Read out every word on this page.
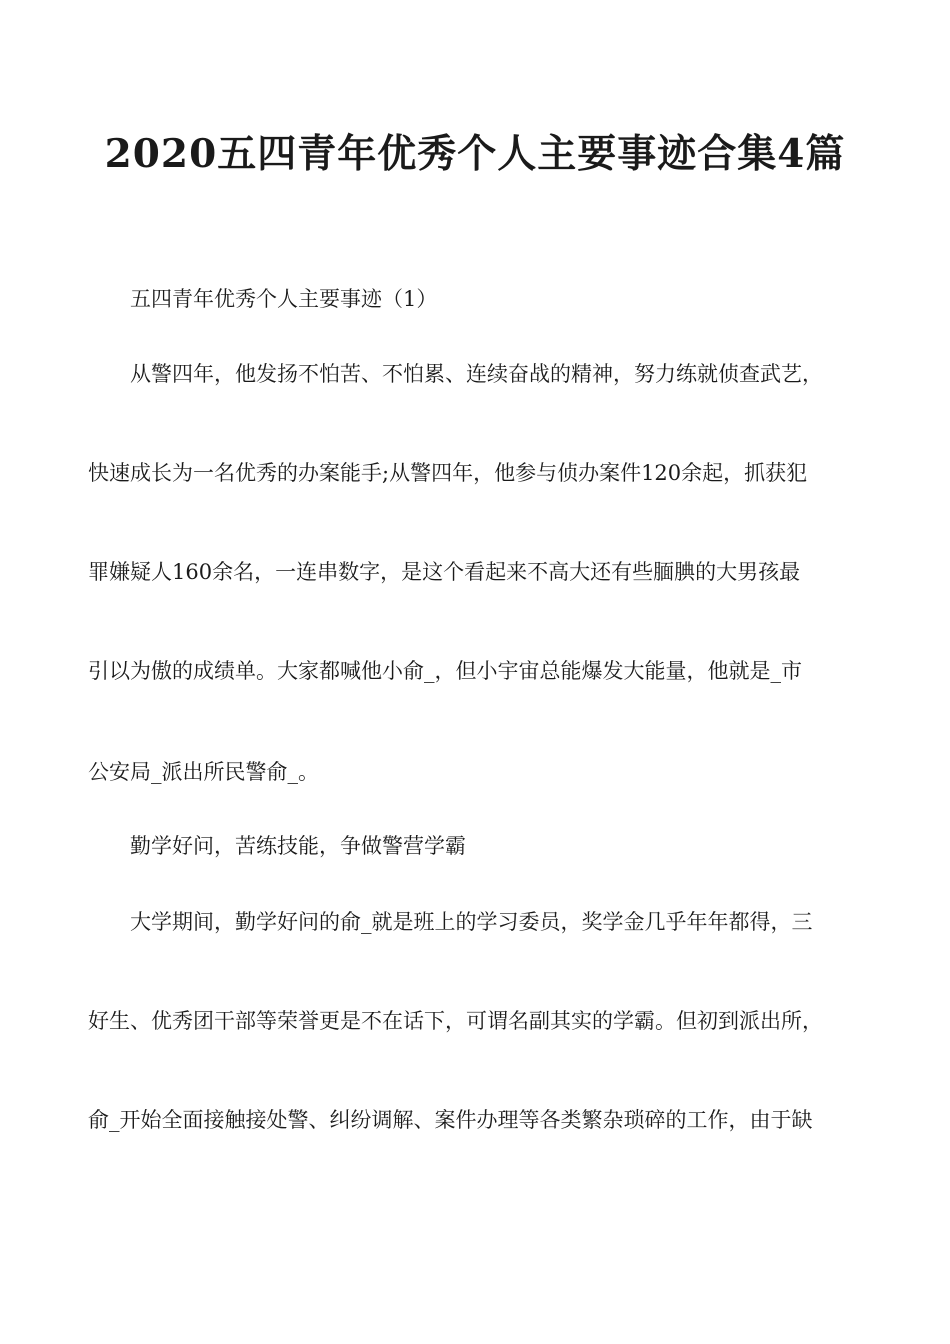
2020五四青年优秀个人主要事迹合集4篇

五四青年优秀个人主要事迹（1）

从警四年，他发扬不怕苦、不怕累、连续奋战的精神，努力练就侦查武艺，

快速成长为一名优秀的办案能手;从警四年，他参与侦办案件120余起，抓获犯

罪嫌疑人160余名，一连串数字，是这个看起来不高大还有些腼腆的大男孩最

引以为傲的成绩单。大家都喊他小俞_，但小宇宙总能爆发大能量，他就是_市

公安局_派出所民警俞_。

勤学好问，苦练技能，争做警营学霸

大学期间，勤学好问的俞_就是班上的学习委员，奖学金几乎年年都得，三

好生、优秀团干部等荣誉更是不在话下，可谓名副其实的学霸。但初到派出所，

俞_开始全面接触接处警、纠纷调解、案件办理等各类繁杂琐碎的工作，由于缺
